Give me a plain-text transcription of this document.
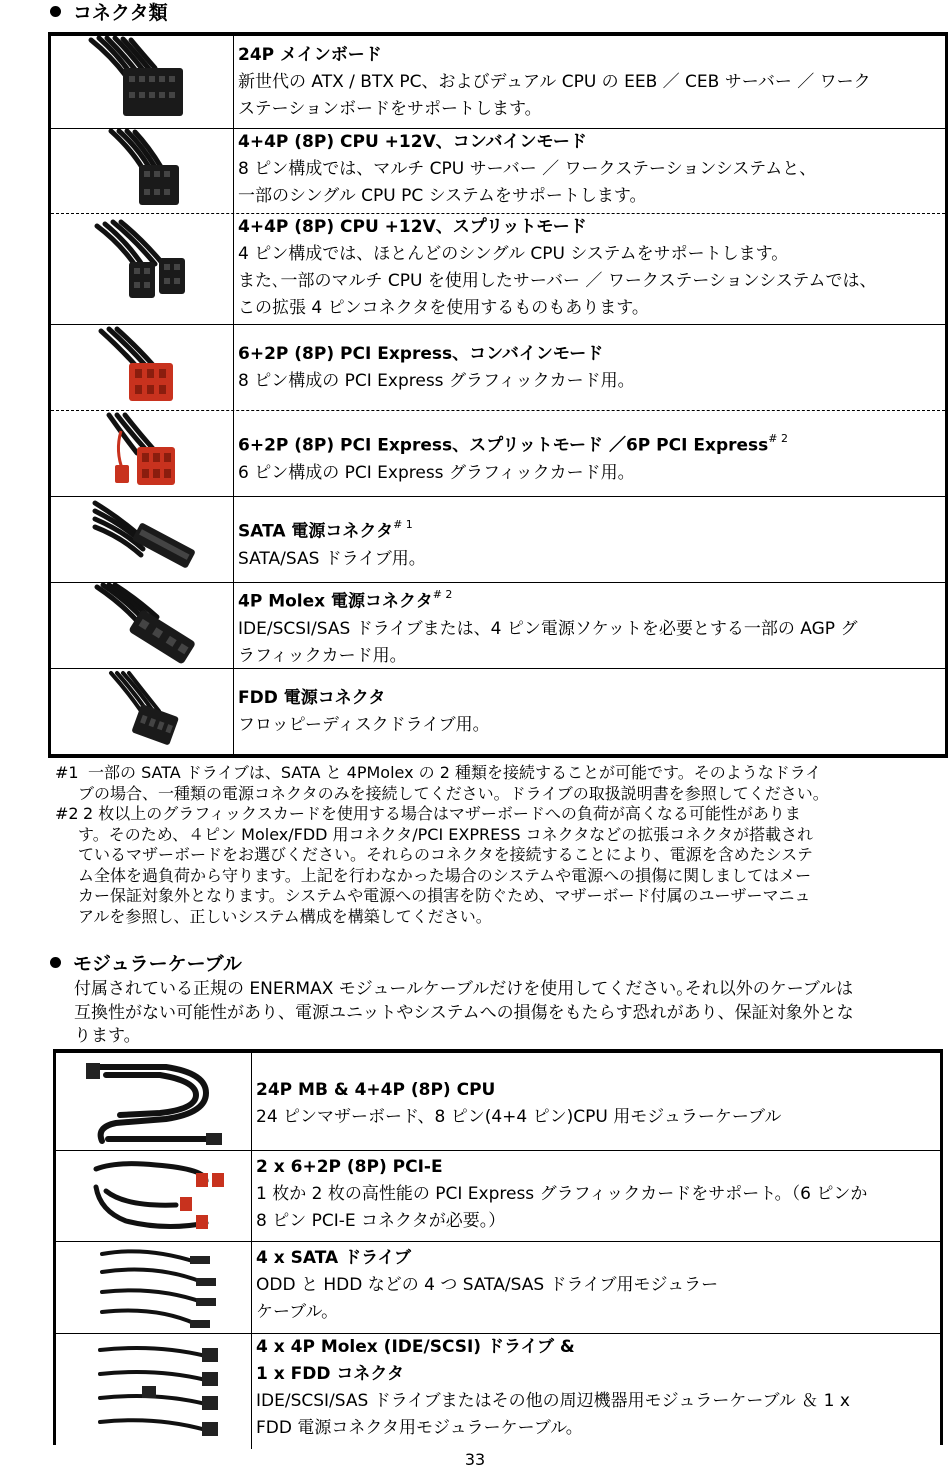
コネクタ類
24P メインボード
新世代の ATX / BTX PC、およびデュアル CPU の EEB ／ CEB サーバー ／ ワーク
ステーションボードをサポートします。
4+4P (8P) CPU +12V、コンバインモード
8 ピン構成では、マルチ CPU サーバー ／ ワークステーションシステムと、
一部のシングル CPU PC システムをサポートします。
4+4P (8P) CPU +12V、スプリットモード
4 ピン構成では、ほとんどのシングル CPU システムをサポートします。
また､一部のマルチ CPU を使用したサーバー ／ ワークステーションシステムでは、
この拡張 4 ピンコネクタを使用するものもあります。
6+2P (8P) PCI Express、コンバインモード
8 ピン構成の PCI Express グラフィックカード用。
6+2P (8P) PCI Express、スプリットモード ／6P PCI Express$^{\# 2}$
6 ピン構成の PCI Express グラフィックカード用。
SATA 電源コネクタ$^{\# 1}$
SATA/SAS ドライブ用。
4P Molex 電源コネクタ$^{\# 2}$
IDE/SCSI/SAS ドライブまたは、4 ピン電源ソケットを必要とする一部の AGP グ
ラフィックカード用。
FDD 電源コネクタ
フロッピーディスクドライブ用。
#1 一部の SATA ドライブは、SATA と 4PMolex の 2 種類を接続することが可能です。そのようなドライ
ブの場合、一種類の電源コネクタのみを接続してください。ドライブの取扱説明書を参照してください。
#2 2 枚以上のグラフィックスカードを使用する場合はマザーボードへの負荷が高くなる可能性がありま
す。そのため、４ピン Molex/FDD 用コネクタ/PCI EXPRESS コネクタなどの拡張コネクタが搭載され
ているマザーボードをお選びください。それらのコネクタを接続することにより、電源を含めたシステ
ム全体を過負荷から守ります。上記を行わなかった場合のシステムや電源への損傷に関しましてはメー
カー保証対象外となります。システムや電源への損害を防ぐため、マザーボード付属のユーザーマニュ
アルを参照し、正しいシステム構成を構築してください。
モジュラーケーブル
付属されている正規の ENERMAX モジュールケーブルだけを使用してください｡それ以外のケーブルは
互換性がない可能性があり、電源ユニットやシステムへの損傷をもたらす恐れがあり、保証対象外とな
ります。
24P MB & 4+4P (8P) CPU
24 ピンマザーボード、8 ピン(4+4 ピン)CPU 用モジュラーケーブル
2 x 6+2P (8P) PCI-E
1 枚か 2 枚の高性能の PCI Express グラフィックカードをサポート。（6 ピンか
8 ピン PCI-E コネクタが必要。）
4 x SATA ドライブ
ODD と HDD などの 4 つ SATA/SAS ドライブ用モジュラー
ケーブル。
4 x 4P Molex (IDE/SCSI) ドライブ &
1 x FDD コネクタ
IDE/SCSI/SAS ドライブまたはその他の周辺機器用モジュラーケーブル ＆ 1 x
FDD 電源コネクタ用モジュラーケーブル。
33
